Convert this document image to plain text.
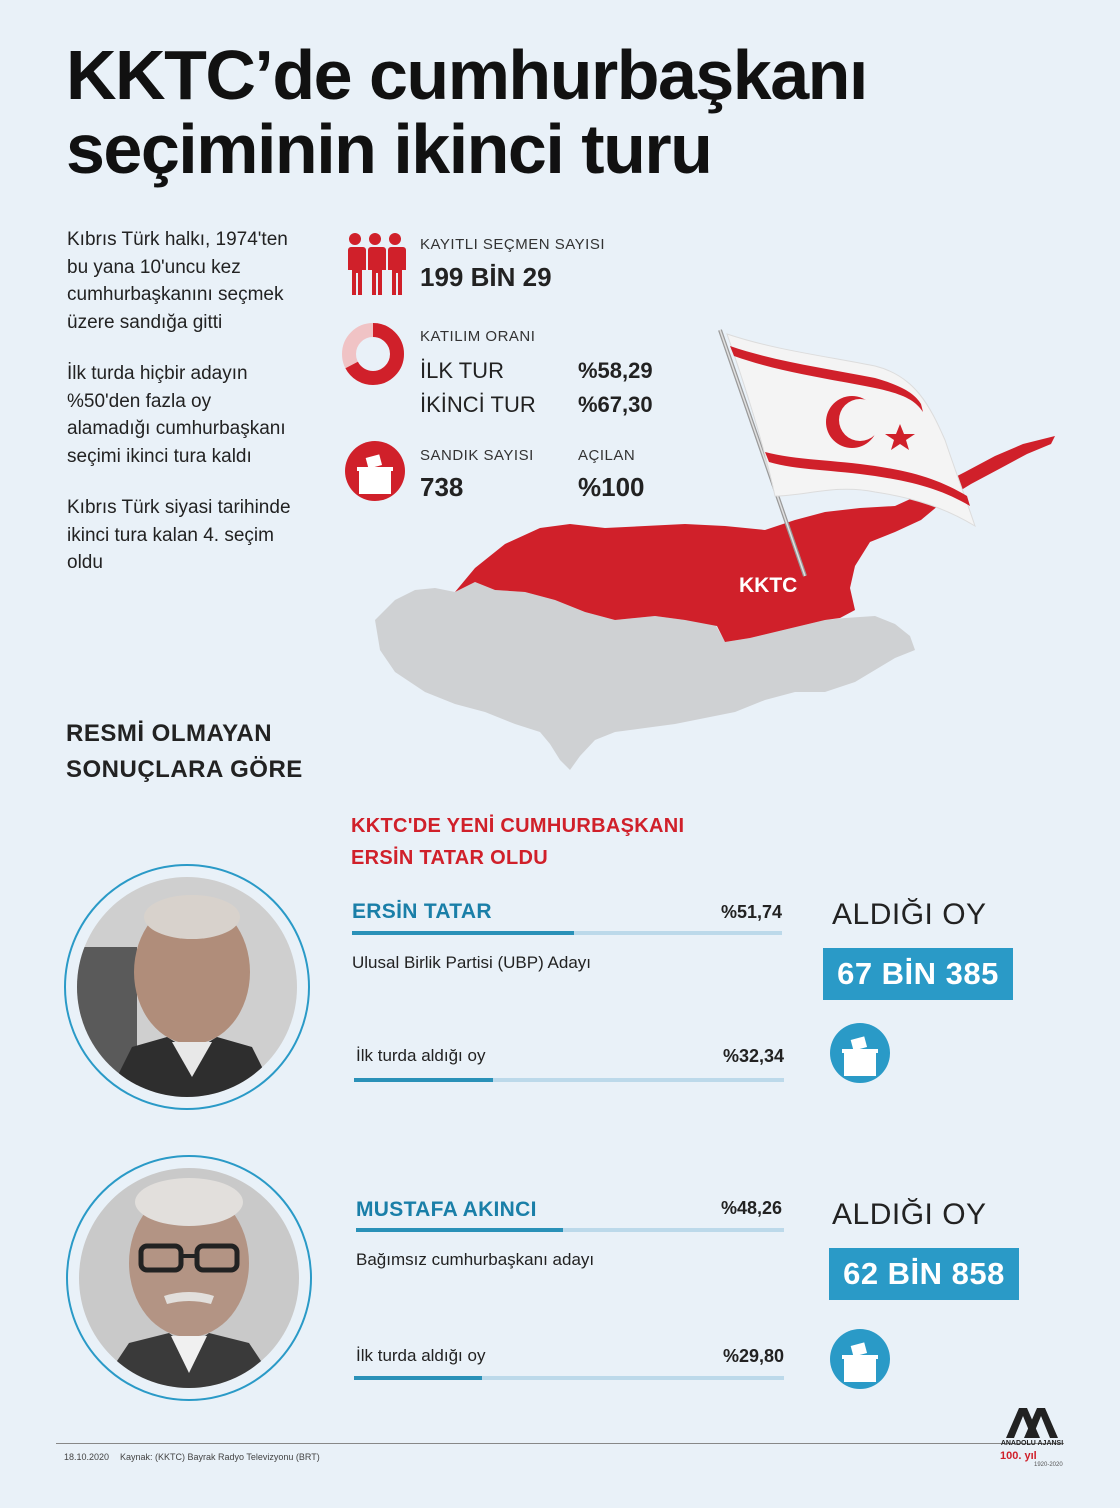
KKTC’de cumhurbaşkanı
seçiminin ikinci turu

Kıbrıs Türk halkı, 1974'ten bu yana 10'uncu kez cumhurbaşkanını seçmek üzere sandığa gitti

İlk turda hiçbir adayın %50'den fazla oy alamadığı cumhurbaşkanı seçimi ikinci tura kaldı

Kıbrıs Türk siyasi tarihinde ikinci tura kalan 4. seçim oldu

KAYITLI SEÇMEN SAYISI
199 BİN 29
KATILIM ORANI
İLK TUR	%58,29
İKİNCİ TUR %67,30
SANDIK SAYISI
738
AÇILAN
%100
KKTC
RESMİ OLMAYAN SONUÇLARA GÖRE
KKTC'DE YENİ CUMHURBAŞKANI
ERSİN TATAR OLDU
ERSİN TATAR	%51,74
Ulusal Birlik Partisi (UBP) Adayı
İlk turda aldığı oy	%32,34
ALDIĞI OY
67 BİN 385
MUSTAFA AKINCI	%48,26
Bağımsız cumhurbaşkanı adayı
İlk turda aldığı oy	%29,80
ALDIĞI OY
62 BİN 858
18.10.2020 Kaynak: (KKTC) Bayrak Radyo Televizyonu (BRT)
ANADOLU AJANSI
100. yıl
1920-2020
